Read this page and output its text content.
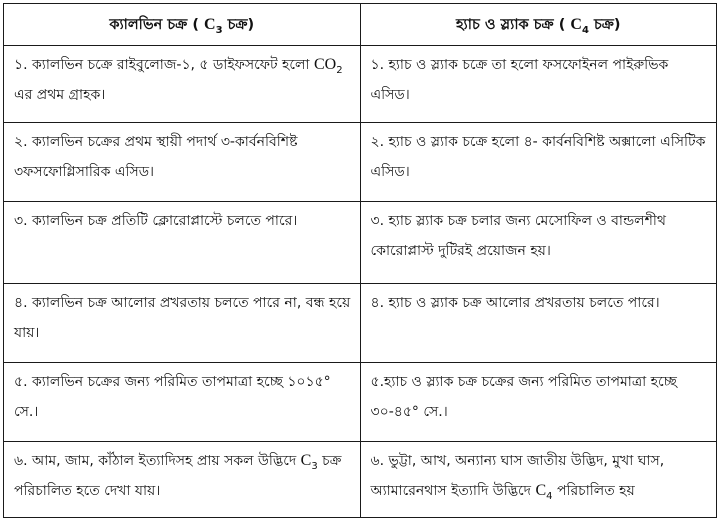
ক্যালভিন চক্র ( $C_3$ চক্র)	হ্যাচ ও স্ল্যাক চক্র ( $C_4$ চক্র)
১. ক্যালভিন চক্রে রাইবুলোজ-১, ৫ ডাইফসফেট হলো $CO_2$ এর প্রথম গ্রাহক।	১. হ্যাচ ও স্ল্যাক চক্রে তা হলো ফসফোইনল পাইরুভিক এসিড।
২. ক্যালভিন চক্রের প্রথম স্থায়ী পদার্থ ৩-কার্বনবিশিষ্ট ৩ফসফোগ্লিসারিক এসিড।	২. হ্যাচ ও স্ল্যাক চক্রে হলো ৪- কার্বনবিশিষ্ট অক্সালো এসিটিক এসিড।
৩. ক্যালভিন চক্র প্রতিটি ক্লোরোপ্লাস্টে চলতে পারে।	৩. হ্যাচ স্ল্যাক চক্র চলার জন্য মেসোফিল ও বান্ডলশীথ কোরোপ্লাস্ট দুটিরই প্রয়োজন হয়।
৪. ক্যালভিন চক্র আলোর প্রখরতায় চলতে পারে না, বন্ধ হয়ে যায়।	৪. হ্যাচ ও স্ল্যাক চক্র আলোর প্রখরতায় চলতে পারে।
৫. ক্যালভিন চক্রের জন্য পরিমিত তাপমাত্রা হচ্ছে ১০১৫° সে.।	৫.হ্যাচ ও স্ল্যাক চক্র চক্রের জন্য পরিমিত তাপমাত্রা হচ্ছে ৩০-৪৫° সে.।
৬. আম, জাম, কাঁঠাল ইত্যাদিসহ প্রায় সকল উদ্ভিদে $C_3$ চক্র পরিচালিত হতে দেখা যায়।	৬. ভুট্টা, আখ, অন্যান্য ঘাস জাতীয় উদ্ভিদ, মুখা ঘাস, অ্যামারেনথাস ইত্যাদি উদ্ভিদে $C_4$ পরিচালিত হয়
